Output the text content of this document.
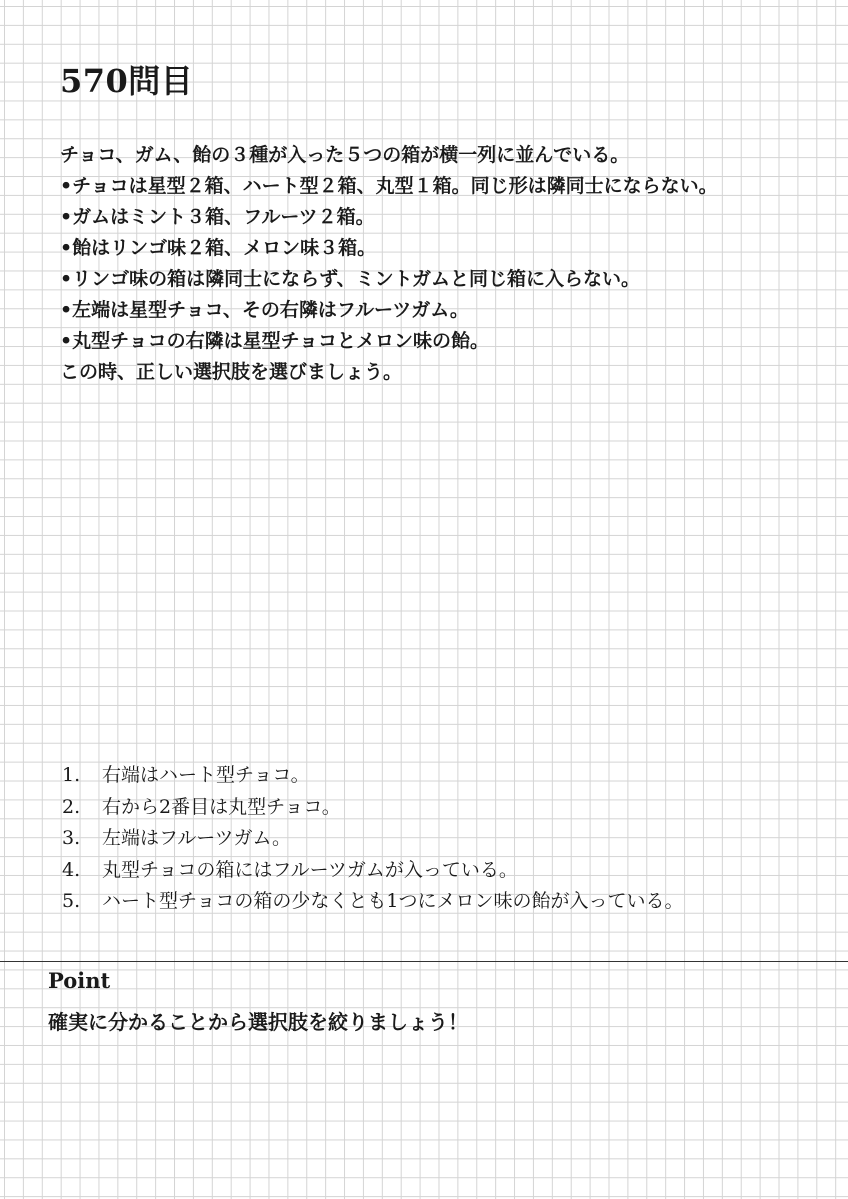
570問目
チョコ、ガム、飴の３種が入った５つの箱が横一列に並んでいる。
•チョコは星型２箱、ハート型２箱、丸型１箱。同じ形は隣同士にならない。
•ガムはミント３箱、フルーツ２箱。
•飴はリンゴ味２箱、メロン味３箱。
•リンゴ味の箱は隣同士にならず、ミントガムと同じ箱に入らない。
•左端は星型チョコ、その右隣はフルーツガム。
•丸型チョコの右隣は星型チョコとメロン味の飴。
この時、正しい選択肢を選びましょう。
1.	右端はハート型チョコ。
2.	右から2番目は丸型チョコ。
3.	左端はフルーツガム。
4.	丸型チョコの箱にはフルーツガムが入っている。
5.	ハート型チョコの箱の少なくとも1つにメロン味の飴が入っている。
Point
確実に分かることから選択肢を絞りましょう！
